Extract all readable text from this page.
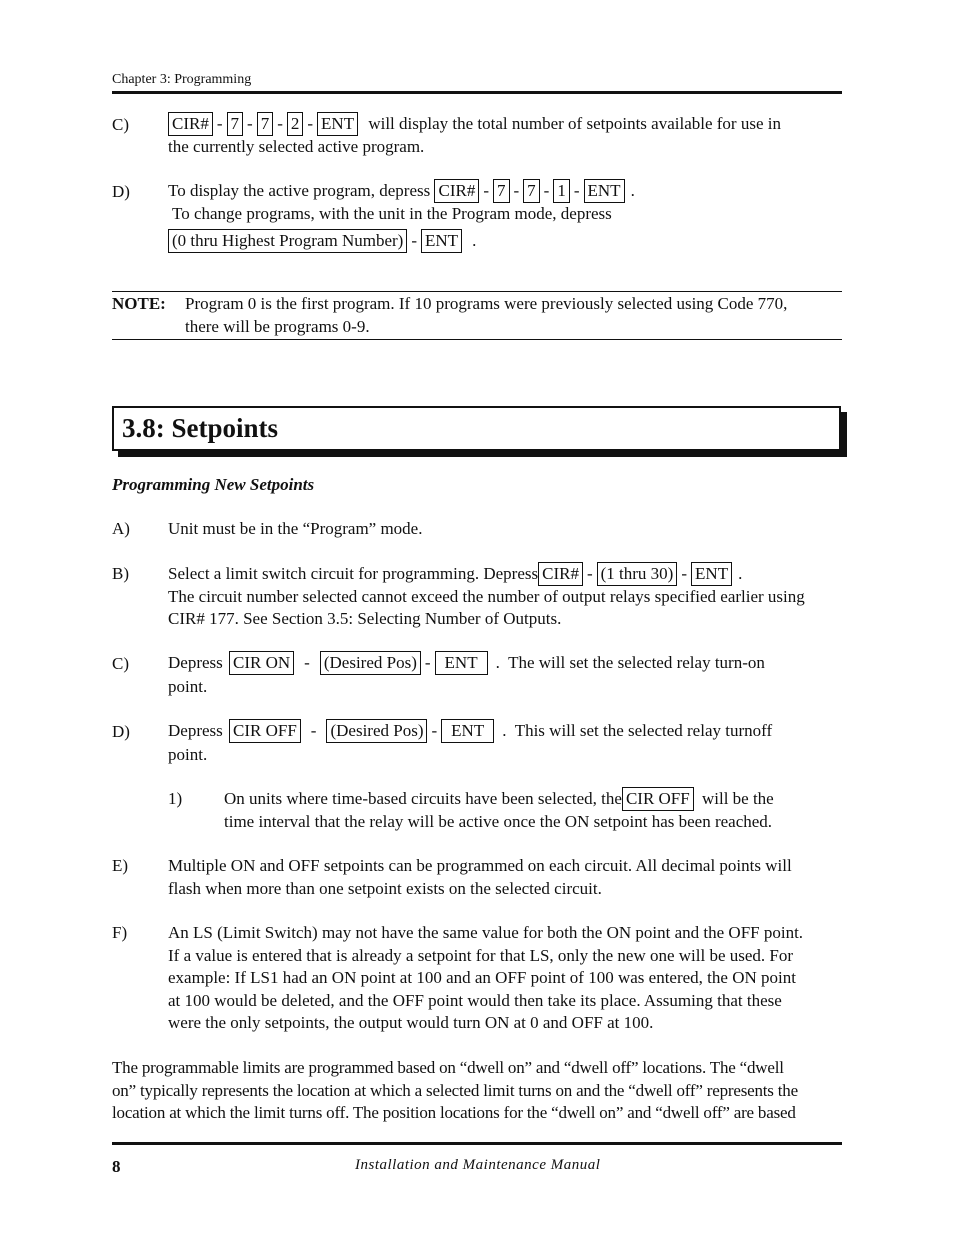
Chapter 3: Programming
C)	CIR# - 7 - 7 - 2 - ENT will display the total number of setpoints available for use in
the currently selected active program.
D) To display the active program, depress CIR# - 7 - 7 - 1 - ENT .
To change programs, with the unit in the Program mode, depress
(0 thru Highest Program Number) - ENT .
NOTE: Program 0 is the first program. If 10 programs were previously selected using Code 770,
there will be programs 0-9.
3.8: Setpoints
Programming New Setpoints
A) Unit must be in the “Program” mode.
B) Select a limit switch circuit for programming. Depress CIR# - (1 thru 30) - ENT .
The circuit number selected cannot exceed the number of output relays specified earlier using
CIR# 177. See Section 3.5: Selecting Number of Outputs.
C) Depress CIR ON - (Desired Pos) - ENT . The will set the selected relay turn-on
point.
D) Depress CIR OFF - (Desired Pos) - ENT . This will set the selected relay turnoff
point.
1) On units where time-based circuits have been selected, the CIR OFF will be the
time interval that the relay will be active once the ON setpoint has been reached.
E) Multiple ON and OFF setpoints can be programmed on each circuit. All decimal points will
flash when more than one setpoint exists on the selected circuit.
F) An LS (Limit Switch) may not have the same value for both the ON point and the OFF point.
If a value is entered that is already a setpoint for that LS, only the new one will be used. For
example: If LS1 had an ON point at 100 and an OFF point of 100 was entered, the ON point
at 100 would be deleted, and the OFF point would then take its place. Assuming that these
were the only setpoints, the output would turn ON at 0 and OFF at 100.
The programmable limits are programmed based on “dwell on” and “dwell off” locations. The “dwell
on” typically represents the location at which a selected limit turns on and the “dwell off” represents the
location at which the limit turns off. The position locations for the “dwell on” and “dwell off” are based
8	Installation and Maintenance Manual
